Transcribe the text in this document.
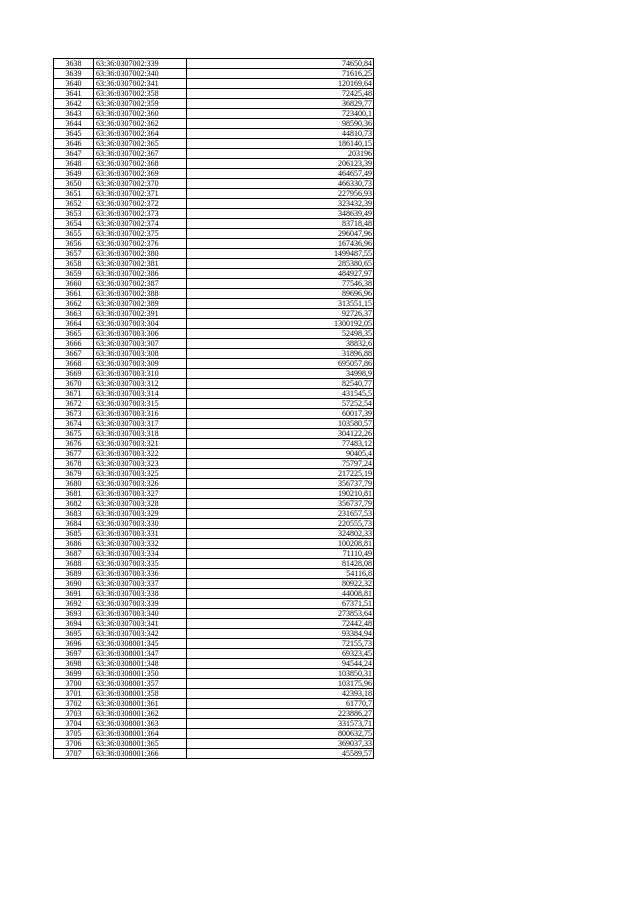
3638	63:36:0307002:339	74650,84
3639	63:36:0307002:340	71616,25
3640	63:36:0307002:341	120169,64
3641	63:36:0307002:358	72425,48
3642	63:36:0307002:359	36829,77
3643	63:36:0307002:360	723400,1
3644	63:36:0307002:362	98590,36
3645	63:36:0307002:364	44810,73
3646	63:36:0307002:365	186140,15
3647	63:36:0307002:367	203196
3648	63:36:0307002:368	206123,39
3649	63:36:0307002:369	464657,49
3650	63:36:0307002:370	466330,73
3651	63:36:0307002:371	227956,93
3652	63:36:0307002:372	323432,39
3653	63:36:0307002:373	348639,49
3654	63:36:0307002:374	83718,48
3655	63:36:0307002:375	296047,96
3656	63:36:0307002:376	167436,96
3657	63:36:0307002:380	1499487,55
3658	63:36:0307002:381	285380,65
3659	63:36:0307002:386	484927,97
3660	63:36:0307002:387	77546,38
3661	63:36:0307002:388	89696,96
3662	63:36:0307002:389	313551,15
3663	63:36:0307002:391	92726,37
3664	63:36:0307003:304	1300192,05
3665	63:36:0307003:306	52498,35
3666	63:36:0307003:307	38832,6
3667	63:36:0307003:308	31896,88
3668	63:36:0307003:309	695057,86
3669	63:36:0307003:310	34998,9
3670	63:36:0307003:312	82540,77
3671	63:36:0307003:314	431545,5
3672	63:36:0307003:315	57252,54
3673	63:36:0307003:316	60017,39
3674	63:36:0307003:317	103580,57
3675	63:36:0307003:318	304122,26
3676	63:36:0307003:321	77483,12
3677	63:36:0307003:322	90405,4
3678	63:36:0307003:323	75797,24
3679	63:36:0307003:325	217225,19
3680	63:36:0307003:326	356737,79
3681	63:36:0307003:327	190210,81
3682	63:36:0307003:328	356737,79
3683	63:36:0307003:329	231657,53
3684	63:36:0307003:330	220555,73
3685	63:36:0307003:331	324802,33
3686	63:36:0307003:332	100208,81
3687	63:36:0307003:334	71110,49
3688	63:36:0307003:335	81428,08
3689	63:36:0307003:336	54116,8
3690	63:36:0307003:337	80922,32
3691	63:36:0307003:338	44008,81
3692	63:36:0307003:339	67371,51
3693	63:36:0307003:340	273853,64
3694	63:36:0307003:341	72442,48
3695	63:36:0307003:342	93384,94
3696	63:36:0308001:345	72155,73
3697	63:36:0308001:347	69323,45
3698	63:36:0308001:348	94544,24
3699	63:36:0308001:350	103850,31
3700	63:36:0308001:357	103175,96
3701	63:36:0308001:358	42393,18
3702	63:36:0308001:361	61770,7
3703	63:36:0308001:362	223886,27
3704	63:36:0308001:363	331573,71
3705	63:36:0308001:364	800632,75
3706	63:36:0308001:365	369037,33
3707	63:36:0308001:366	45589,57
